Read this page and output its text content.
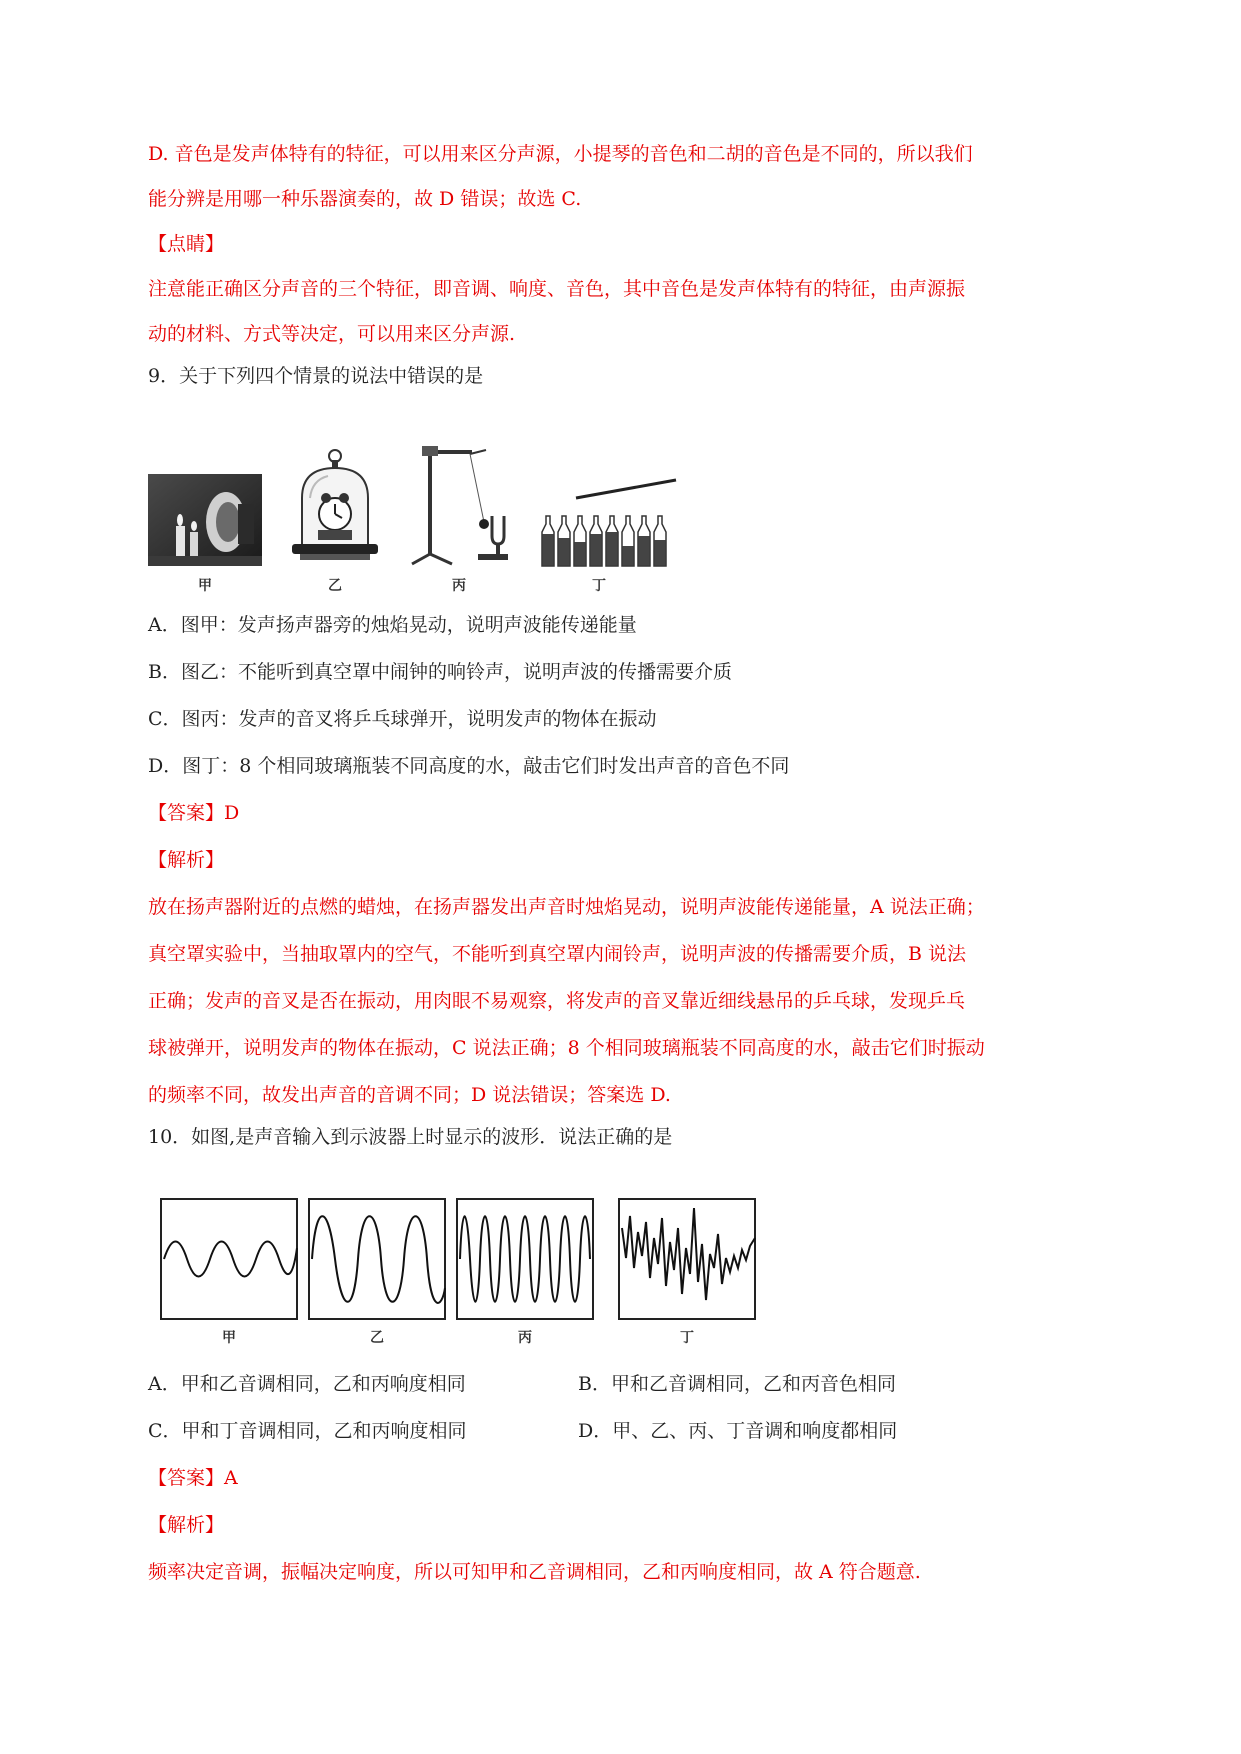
D. 音色是发声体特有的特征，可以用来区分声源，小提琴的音色和二胡的音色是不同的，所以我们
能分辨是用哪一种乐器演奏的，故 D 错误；故选 C.
【点睛】
注意能正确区分声音的三个特征，即音调、响度、音色，其中音色是发声体特有的特征，由声源振
动的材料、方式等决定，可以用来区分声源.
9．关于下列四个情景的说法中错误的是
甲	乙	丙	丁
A．图甲：发声扬声器旁的烛焰晃动，说明声波能传递能量
B．图乙：不能听到真空罩中闹钟的响铃声，说明声波的传播需要介质
C．图丙：发声的音叉将乒乓球弹开，说明发声的物体在振动
D．图丁：8 个相同玻璃瓶装不同高度的水，敲击它们时发出声音的音色不同
【答案】D
【解析】
放在扬声器附近的点燃的蜡烛，在扬声器发出声音时烛焰晃动，说明声波能传递能量，A 说法正确；
真空罩实验中，当抽取罩内的空气，不能听到真空罩内闹铃声，说明声波的传播需要介质，B 说法
正确；发声的音叉是否在振动，用肉眼不易观察，将发声的音叉靠近细线悬吊的乒乓球，发现乒乓
球被弹开，说明发声的物体在振动，C 说法正确；8 个相同玻璃瓶装不同高度的水，敲击它们时振动
的频率不同，故发出声音的音调不同；D 说法错误；答案选 D.
10．如图,是声音输入到示波器上时显示的波形．说法正确的是
甲	乙	丙	丁
A．甲和乙音调相同，乙和丙响度相同	B．甲和乙音调相同，乙和丙音色相同
C．甲和丁音调相同，乙和丙响度相同	D．甲、乙、丙、丁音调和响度都相同
【答案】A
【解析】
频率决定音调，振幅决定响度，所以可知甲和乙音调相同，乙和丙响度相同，故 A 符合题意.
